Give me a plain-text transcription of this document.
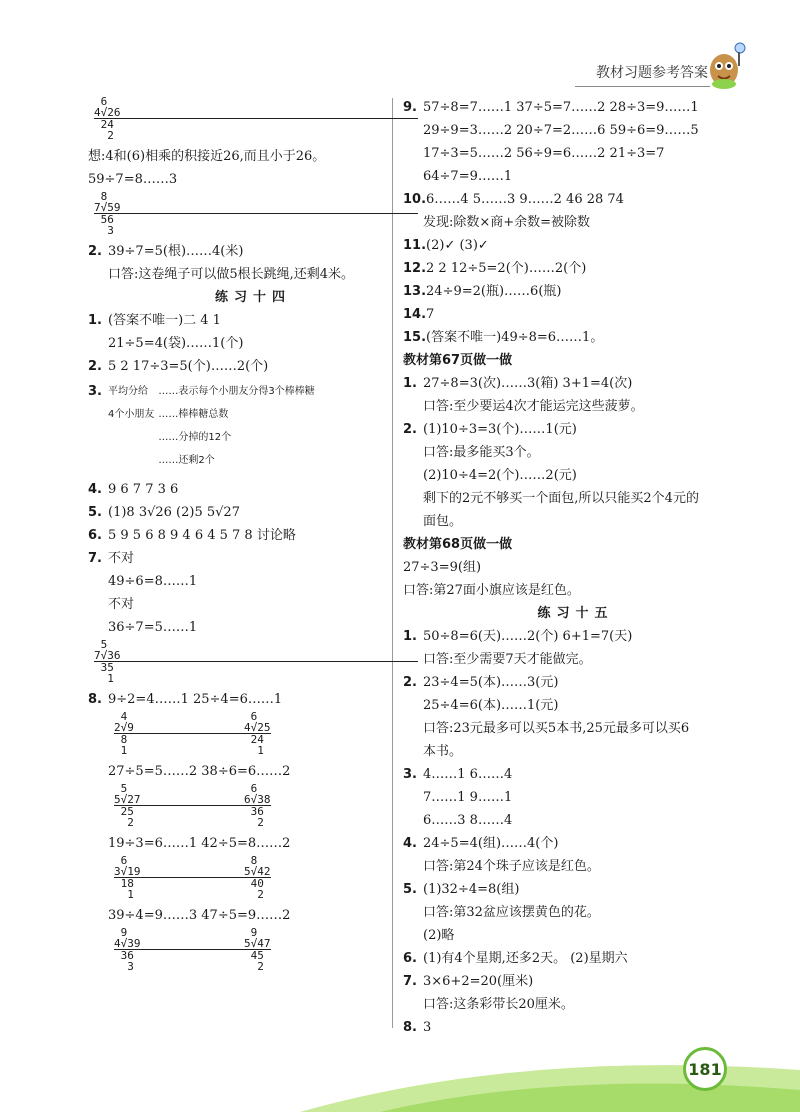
教材习题参考答案
6
4√26
24
2
想:4和(6)相乘的积接近26,而且小于26。
59÷7=8……3
8
7√59
56
3
2. 39÷7=5(根)……4(米)
口答:这卷绳子可以做5根长跳绳,还剩4米。
练习十四
1. (答案不唯一)二 4 1
21÷5=4(袋)……1(个)
2. 5 2 17÷3=5(个)……2(个)
3. 平均分给
4个小朋友
……表示每个小朋友分得3个棒棒糖
……棒棒糖总数
……分掉的12个
……还剩2个
4. 9 6 7 7 3 6
5. (1)8 3√26 (2)5 5√27
6. 5 9 5 6 8 9 4 6 4 5 7 8 讨论略
7. 不对
49÷6=8……1
不对
36÷7=5……1
5
7√36
35
1
8. 9÷2=4……1 25÷4=6……1
4
2√9
8
1
6
4√25
24
1
27÷5=5……2 38÷6=6……2
5
5√27
25
2
6
6√38
36
2
19÷3=6……1 42÷5=8……2
6
3√19
18
1
8
5√42
40
2
39÷4=9……3 47÷5=9……2
9
4√39
36
3
9
5√47
45
2
9. 57÷8=7……1 37÷5=7……2 28÷3=9……1
29÷9=3……2 20÷7=2……6 59÷6=9……5
17÷3=5……2 56÷9=6……2 21÷3=7
64÷7=9……1
10.6……4 5……3 9……2 46 28 74
发现:除数×商+余数=被除数
11.(2)✓ (3)✓
12.2 2 12÷5=2(个)……2(个)
13.24÷9=2(瓶)……6(瓶)
14.7
15.(答案不唯一)49÷8=6……1。
教材第67页做一做
1. 27÷8=3(次)……3(箱) 3+1=4(次)
口答:至少要运4次才能运完这些菠萝。
2. (1)10÷3=3(个)……1(元)
口答:最多能买3个。
(2)10÷4=2(个)……2(元)
剩下的2元不够买一个面包,所以只能买2个4元的
面包。
教材第68页做一做
27÷3=9(组)
口答:第27面小旗应该是红色。
练习十五
1. 50÷8=6(天)……2(个) 6+1=7(天)
口答:至少需要7天才能做完。
2. 23÷4=5(本)……3(元)
25÷4=6(本)……1(元)
口答:23元最多可以买5本书,25元最多可以买6
本书。
3. 4……1 6……4
7……1 9……1
6……3 8……4
4. 24÷5=4(组)……4(个)
口答:第24个珠子应该是红色。
5. (1)32÷4=8(组)
口答:第32盆应该摆黄色的花。
(2)略
6. (1)有4个星期,还多2天。 (2)星期六
7. 3×6+2=20(厘米)
口答:这条彩带长20厘米。
8. 3
181
